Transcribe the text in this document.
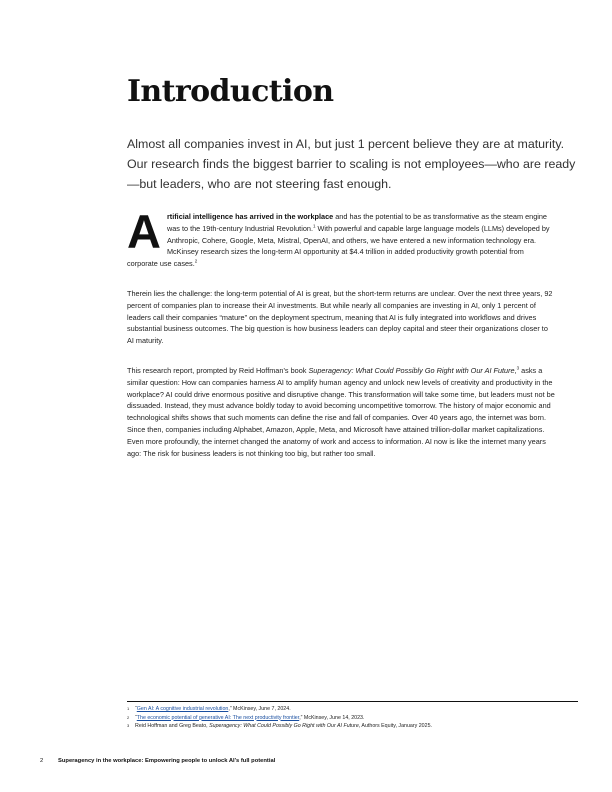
Introduction

Almost all companies invest in AI, but just 1 percent believe they are at maturity. Our research finds the biggest barrier to scaling is not employees—who are ready—but leaders, who are not steering fast enough.

Artificial intelligence has arrived in the workplace and has the potential to be as transformative as the steam engine was to the 19th-century Industrial Revolution.$^1$ With powerful and capable large language models (LLMs) developed by Anthropic, Cohere, Google, Meta, Mistral, OpenAI, and others, we have entered a new information technology era. McKinsey research sizes the long-term AI opportunity at $4.4 trillion in added productivity growth potential from corporate use cases.$^2$

Therein lies the challenge: the long-term potential of AI is great, but the short-term returns are unclear. Over the next three years, 92 percent of companies plan to increase their AI investments. But while nearly all companies are investing in AI, only 1 percent of leaders call their companies “mature” on the deployment spectrum, meaning that AI is fully integrated into workflows and drives substantial business outcomes. The big question is how business leaders can deploy capital and steer their organizations closer to AI maturity.

This research report, prompted by Reid Hoffman’s book Superagency: What Could Possibly Go Right with Our AI Future,$^3$ asks a similar question: How can companies harness AI to amplify human agency and unlock new levels of creativity and productivity in the workplace? AI could drive enormous positive and disruptive change. This transformation will take some time, but leaders must not be dissuaded. Instead, they must advance boldly today to avoid becoming uncompetitive tomorrow. The history of major economic and technological shifts shows that such moments can define the rise and fall of companies. Over 40 years ago, the internet was born. Since then, companies including Alphabet, Amazon, Apple, Meta, and Microsoft have attained trillion-dollar market capitalizations. Even more profoundly, the internet changed the anatomy of work and access to information. AI now is like the internet many years ago: The risk for business leaders is not thinking too big, but rather too small.

1 “Gen AI: A cognitive industrial revolution,” McKinsey, June 7, 2024.
2 “The economic potential of generative AI: The next productivity frontier,” McKinsey, June 14, 2023.
3 Reid Hoffman and Greg Beato, Superagency: What Could Possibly Go Right with Our AI Future, Authors Equity, January 2025.
2	Superagency in the workplace: Empowering people to unlock AI’s full potential
